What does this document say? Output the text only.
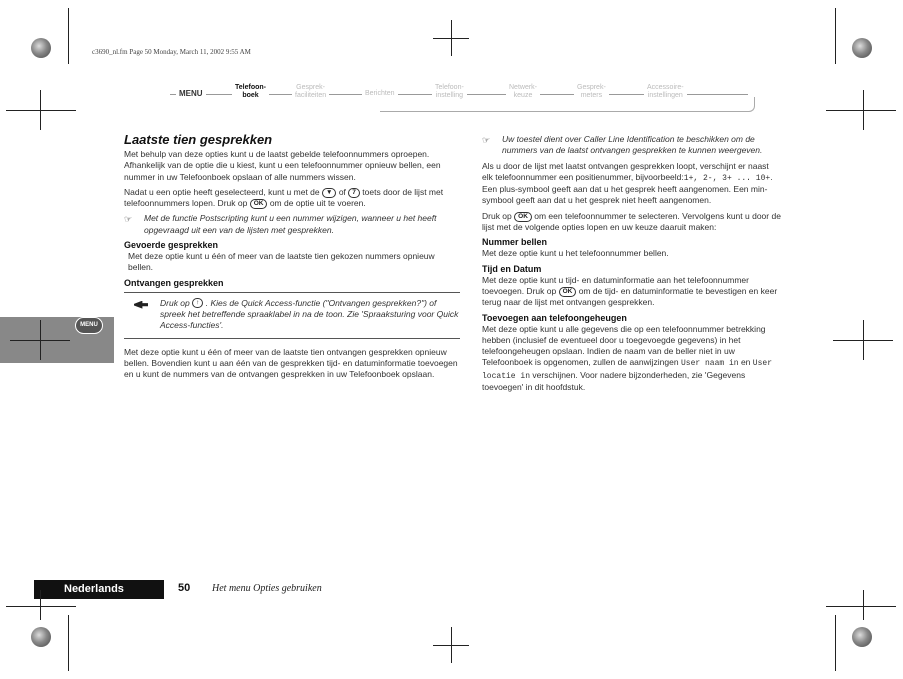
c3690_nl.fm Page 50 Monday, March 11, 2002 9:55 AM
MENU
Telefoon-
boek
Gesprek-
faciliteiten	Berichten
Telefoon-
instelling
Netwerk-
keuze
Gesprek-
meters
Accessoire-
instellingen
Laatste tien gesprekken

Met behulp van deze opties kunt u de laatst gebelde telefoonnummers oproepen. Afhankelijk van de optie die u kiest, kunt u een telefoonnummer opnieuw bellen, een nummer in uw Telefoonboek opslaan of alle nummers wissen.

Nadat u een optie heeft geselecteerd, kunt u met de ▼ of 7 toets door de lijst met telefoonnummers lopen. Druk op OK om de optie uit te voeren.

☞ Met de functie Postscripting kunt u een nummer wijzigen, wanneer u het heeft opgevraagd uit een van de lijsten met gesprekken.

Gevoerde gesprekken

Met deze optie kunt u één of meer van de laatste tien gekozen nummers opnieuw bellen.

Ontvangen gesprekken

Druk op ↑ . Kies de Quick Access-functie ("Ontvangen gesprekken?") of spreek het betreffende spraaklabel in na de toon. Zie 'Spraaksturing voor Quick Access-functies'.

Met deze optie kunt u één of meer van de laatste tien ontvangen gesprekken opnieuw bellen. Bovendien kunt u aan één van de gesprekken tijd- en datuminformatie toevoegen en u kunt de nummers van de ontvangen gesprekken in uw Telefoonboek opslaan.

☞ Uw toestel dient over Caller Line Identification te beschikken om de nummers van de laatst ontvangen gesprekken te kunnen weergeven.

Als u door de lijst met laatst ontvangen gesprekken loopt, verschijnt er naast elk telefoonnummer een positienummer, bijvoorbeeld:1+, 2-, 3+ ... 10+. Een plus-symbool geeft aan dat u het gesprek heeft aangenomen. Een min-symbool geeft aan dat u het gesprek niet heeft aangenomen.

Druk op OK om een telefoonnummer te selecteren. Vervolgens kunt u door de lijst met de volgende opties lopen en uw keuze daaruit maken:

Nummer bellen

Met deze optie kunt u het telefoonnummer bellen.

Tijd en Datum

Met deze optie kunt u tijd- en datuminformatie aan het telefoonnummer toevoegen. Druk op OK om de tijd- en datuminformatie te bevestigen en keer terug naar de lijst met ontvangen gesprekken.

Toevoegen aan telefoongeheugen

Met deze optie kunt u alle gegevens die op een telefoonnummer betrekking hebben (inclusief de eventueel door u toegevoegde gegevens) in het telefoongeheugen opslaan. Indien de naam van de beller niet in uw Telefoonboek is opgenomen, zullen de aanwijzingen User naam in en User locatie in verschijnen. Voor nadere bijzonderheden, zie 'Gegevens toevoegen' in dit hoofdstuk.

MENU
Nederlands	50 Het menu Opties gebruiken
